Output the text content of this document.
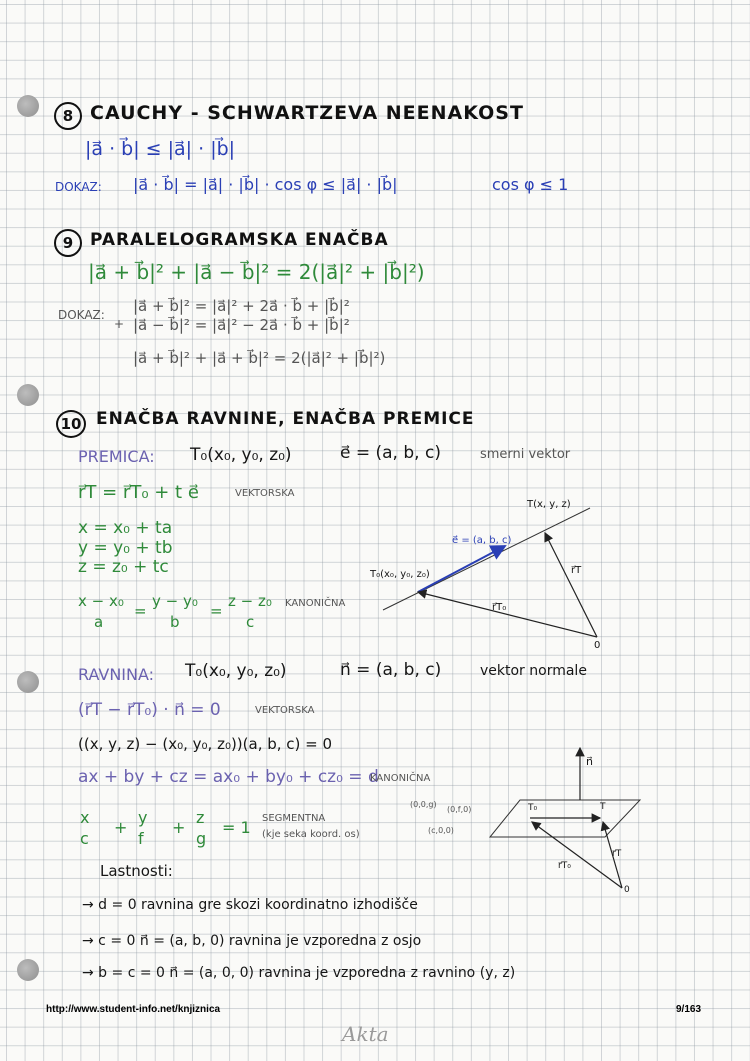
8 CAUCHY - SCHWARTZEVA NEENAKOST
|a⃗ · b⃗| ≤ |a⃗| · |b⃗|
DOKAZ: |a⃗ · b⃗| = |a⃗| · |b⃗| · cos φ ≤ |a⃗| · |b⃗|	cos φ ≤ 1
9 PARALELOGRAMSKA ENAČBA
|a⃗ + b⃗|² + |a⃗ − b⃗|² = 2(|a⃗|² + |b⃗|²)
DOKAZ:
+
|a⃗ + b⃗|² = |a⃗|² + 2a⃗ · b⃗ + |b⃗|²
|a⃗ − b⃗|² = |a⃗|² − 2a⃗ · b⃗ + |b⃗|²
|a⃗ + b⃗|² + |a⃗ + b⃗|² = 2(|a⃗|² + |b⃗|²)
10 ENAČBA RAVNINE, ENAČBA PREMICE
PREMICA: T₀(x₀, y₀, z₀)	e⃗ = (a, b, c)	smerni vektor
r⃗T = r⃗T₀ + t e⃗	VEKTORSKA
x = x₀ + ta
y = y₀ + tb
z = z₀ + tc
x − x₀
a
=
y − y₀
b
=
z − z₀
c
KANONIČNA
RAVNINA: T₀(x₀, y₀, z₀)	n⃗ = (a, b, c)	vektor normale
(r⃗T − r⃗T₀) · n⃗ = 0	VEKTORSKA
((x, y, z) − (x₀, y₀, z₀))(a, b, c) = 0
ax + by + cz = ax₀ + by₀ + cz₀ = d
KANONIČNA
x
c
+
y
f
+
z
g
= 1 SEGMENTNA
(kje seka koord. os)
(0,0,g)
(0,f,0)
(c,0,0)
Lastnosti:
→ d = 0 ravnina gre skozi koordinatno izhodišče
→ c = 0 n⃗ = (a, b, 0) ravnina je vzporedna z osjo
→ b = c = 0 n⃗ = (a, 0, 0) ravnina je vzporedna z ravnino (y, z)
T(x, y, z)
e⃗ = (a, b, c)
T₀(x₀, y₀, z₀)	r⃗T
r⃗T₀
0
n⃗
T₀	T
r⃗T
r⃗T₀
0
http://www.student-info.net/knjiznica	9/163
Akta
